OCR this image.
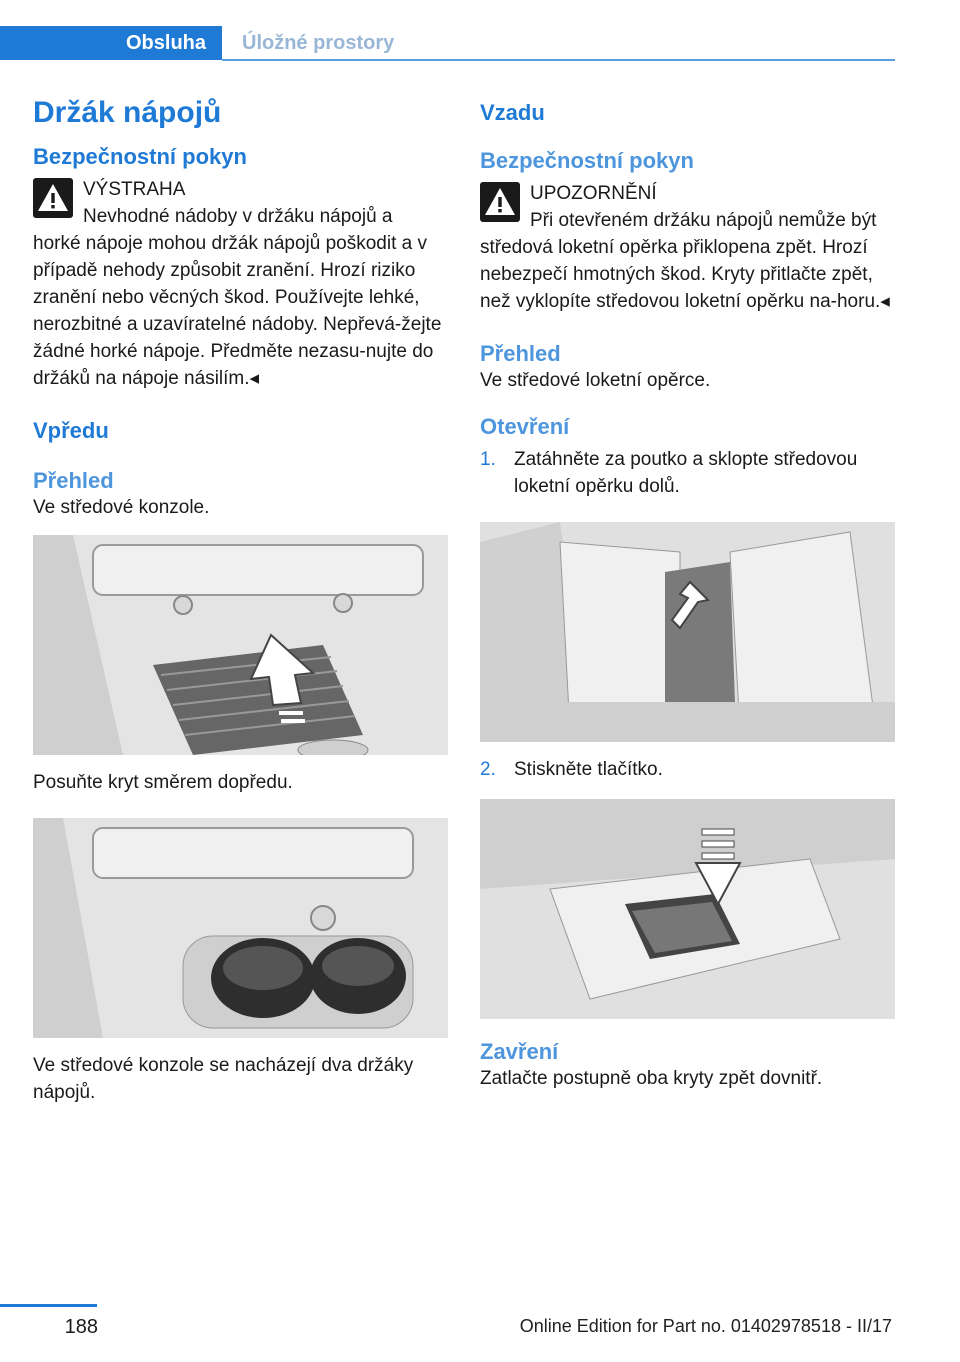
Obsluha	Úložné prostory
Držák nápojů
Bezpečnostní pokyn
VÝSTRAHA
Nevhodné nádoby v držáku nápojů a
horké nápoje mohou držák nápojů poškodit a v případě nehody způsobit zranění. Hrozí riziko zranění nebo věcných škod. Používejte lehké, nerozbitné a uzavíratelné nádoby. Nepřevá-žejte žádné horké nápoje. Předměte nezasu-nujte do držáků na nápoje násilím.◂
Vpředu
Přehled

Ve středové konzole.

Posuňte kryt směrem dopředu.

Ve středové konzole se nacházejí dva držáky nápojů.

Vzadu
Bezpečnostní pokyn
UPOZORNĚNÍ
Při otevřeném držáku nápojů nemůže být
středová loketní opěrka přiklopena zpět. Hrozí nebezpečí hmotných škod. Kryty přitlačte zpět, než vyklopíte středovou loketní opěrku na-horu.◂
Přehled

Ve středové loketní opěrce.

Otevření
1. Zatáhněte za poutko a sklopte středovou loketní opěrku dolů.
2. Stiskněte tlačítko.
Zavření

Zatlačte postupně oba kryty zpět dovnitř.

188	Online Edition for Part no. 01402978518 - II/17
